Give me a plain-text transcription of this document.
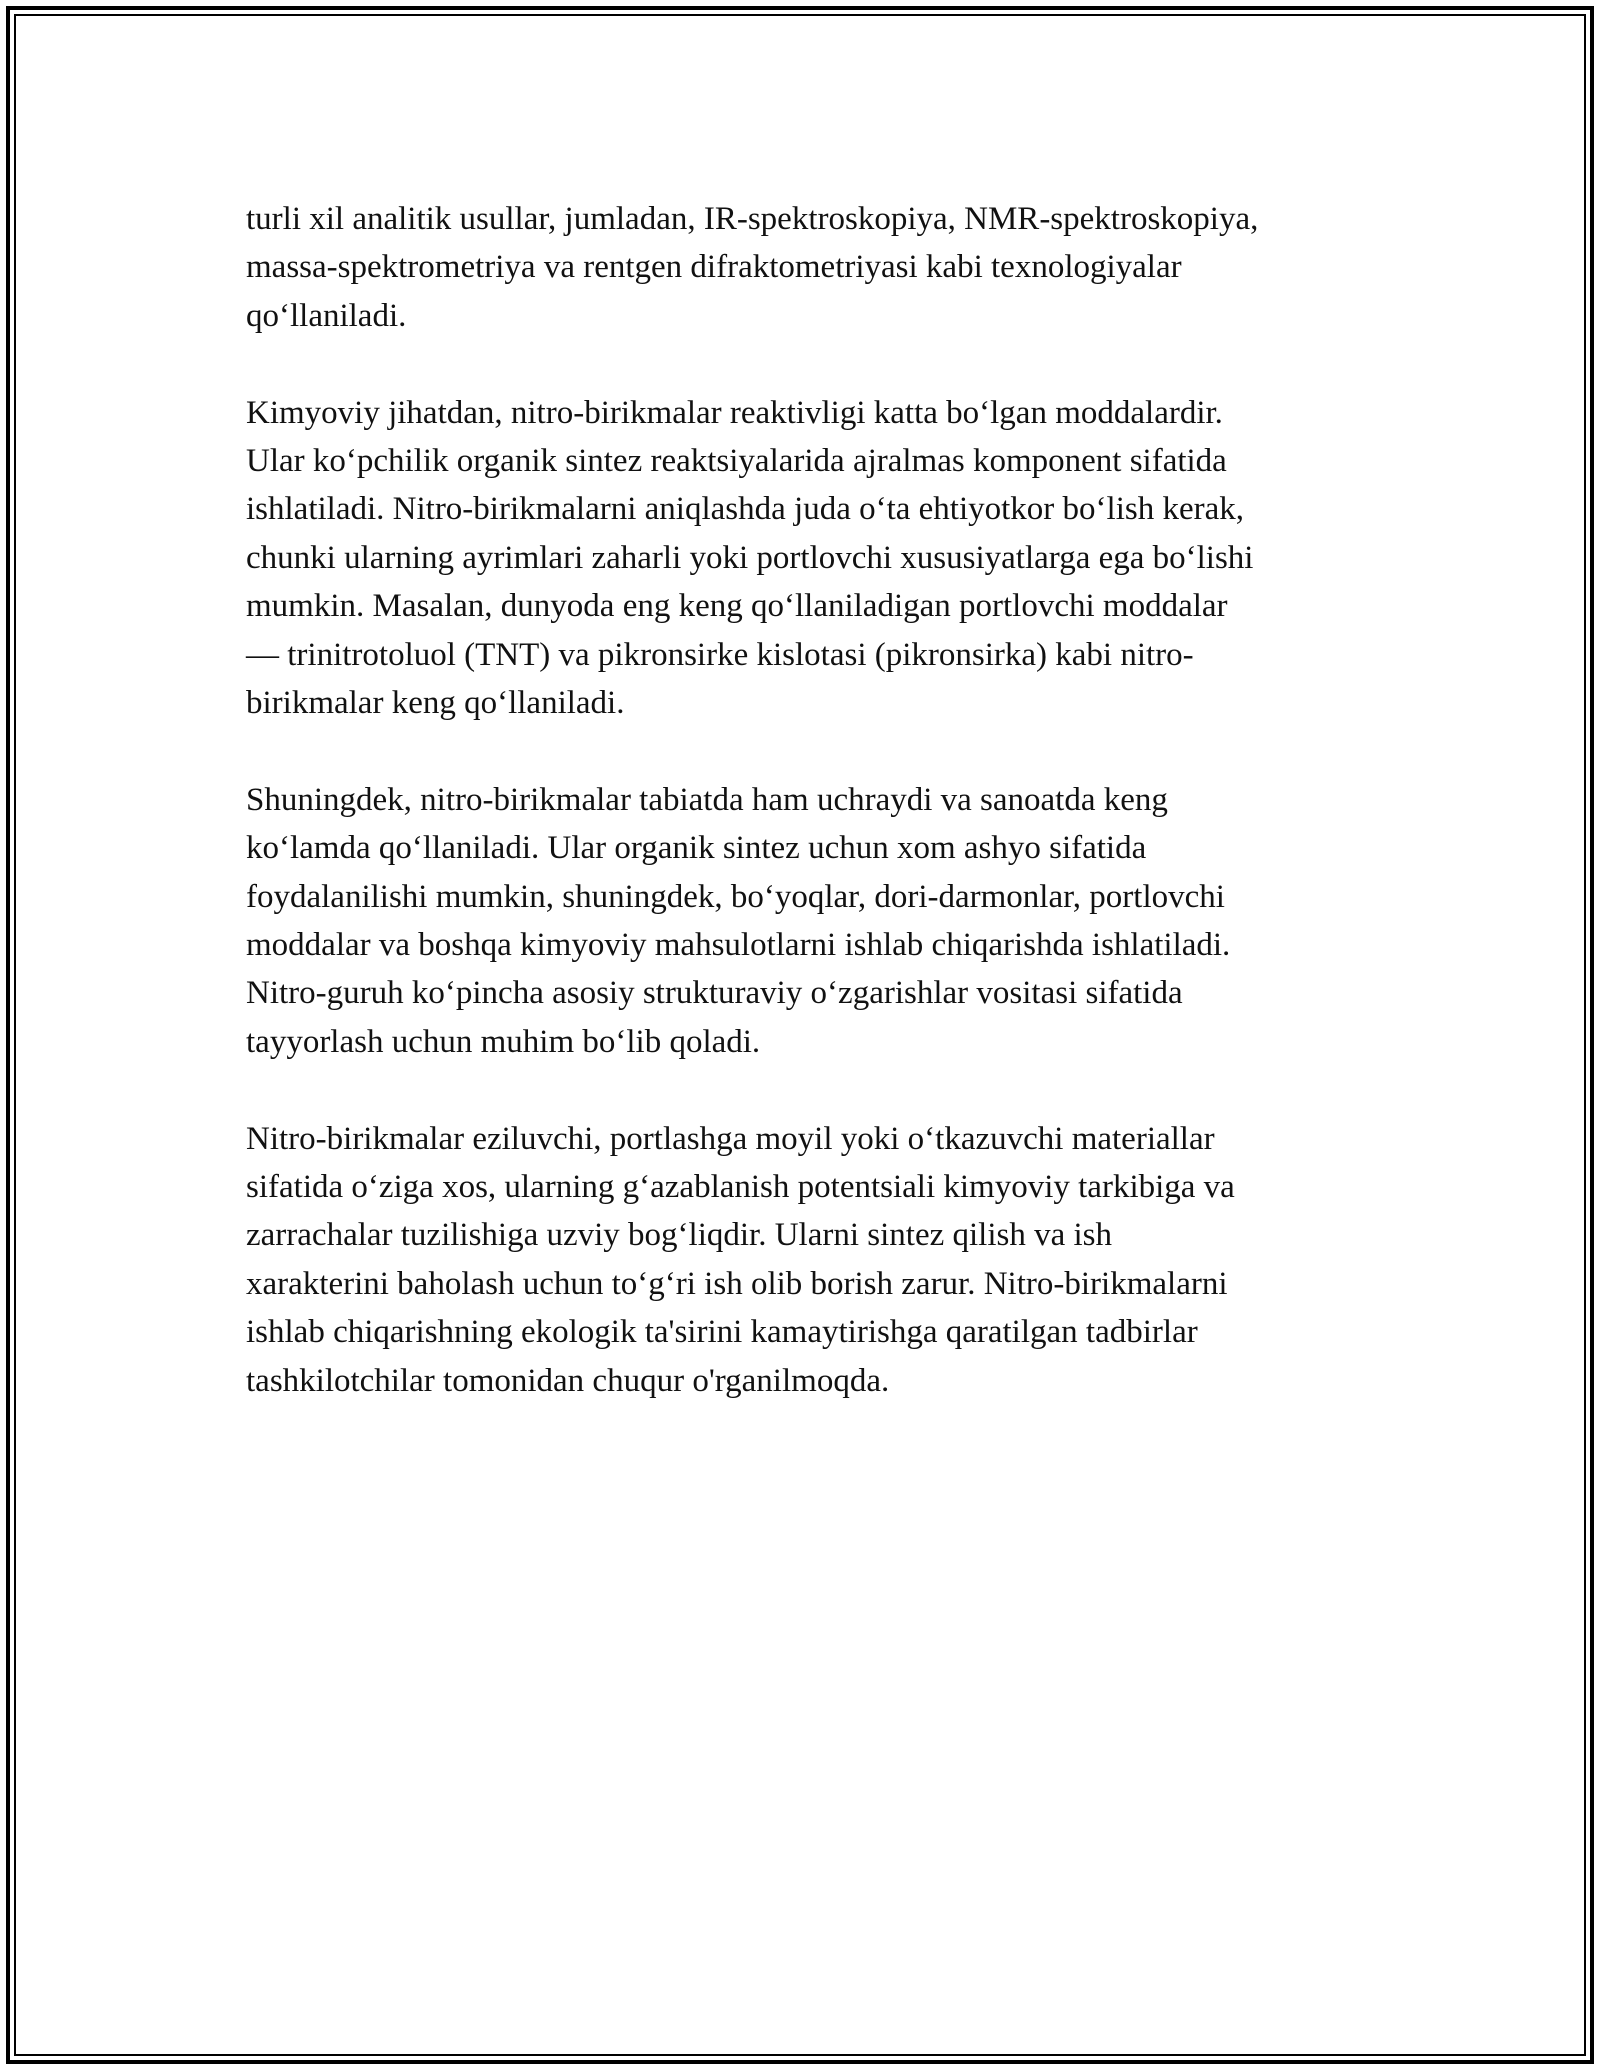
turli xil analitik usullar, jumladan, IR-spektroskopiya, NMR-spektroskopiya,
massa-spektrometriya va rentgen difraktometriyasi kabi texnologiyalar
qo‘llaniladi.

Kimyoviy jihatdan, nitro-birikmalar reaktivligi katta bo‘lgan moddalardir.
Ular ko‘pchilik organik sintez reaktsiyalarida ajralmas komponent sifatida
ishlatiladi. Nitro-birikmalarni aniqlashda juda o‘ta ehtiyotkor bo‘lish kerak,
chunki ularning ayrimlari zaharli yoki portlovchi xususiyatlarga ega bo‘lishi
mumkin. Masalan, dunyoda eng keng qo‘llaniladigan portlovchi moddalar
— trinitrotoluol (TNT) va pikronsirke kislotasi (pikronsirka) kabi nitro-
birikmalar keng qo‘llaniladi.

Shuningdek, nitro-birikmalar tabiatda ham uchraydi va sanoatda keng
ko‘lamda qo‘llaniladi. Ular organik sintez uchun xom ashyo sifatida
foydalanilishi mumkin, shuningdek, bo‘yoqlar, dori-darmonlar, portlovchi
moddalar va boshqa kimyoviy mahsulotlarni ishlab chiqarishda ishlatiladi.
Nitro-guruh ko‘pincha asosiy strukturaviy o‘zgarishlar vositasi sifatida
tayyorlash uchun muhim bo‘lib qoladi.

Nitro-birikmalar eziluvchi, portlashga moyil yoki o‘tkazuvchi materiallar
sifatida o‘ziga xos, ularning g‘azablanish potentsiali kimyoviy tarkibiga va
zarrachalar tuzilishiga uzviy bog‘liqdir. Ularni sintez qilish va ish
xarakterini baholash uchun to‘g‘ri ish olib borish zarur. Nitro-birikmalarni
ishlab chiqarishning ekologik ta'sirini kamaytirishga qaratilgan tadbirlar
tashkilotchilar tomonidan chuqur o'rganilmoqda.
